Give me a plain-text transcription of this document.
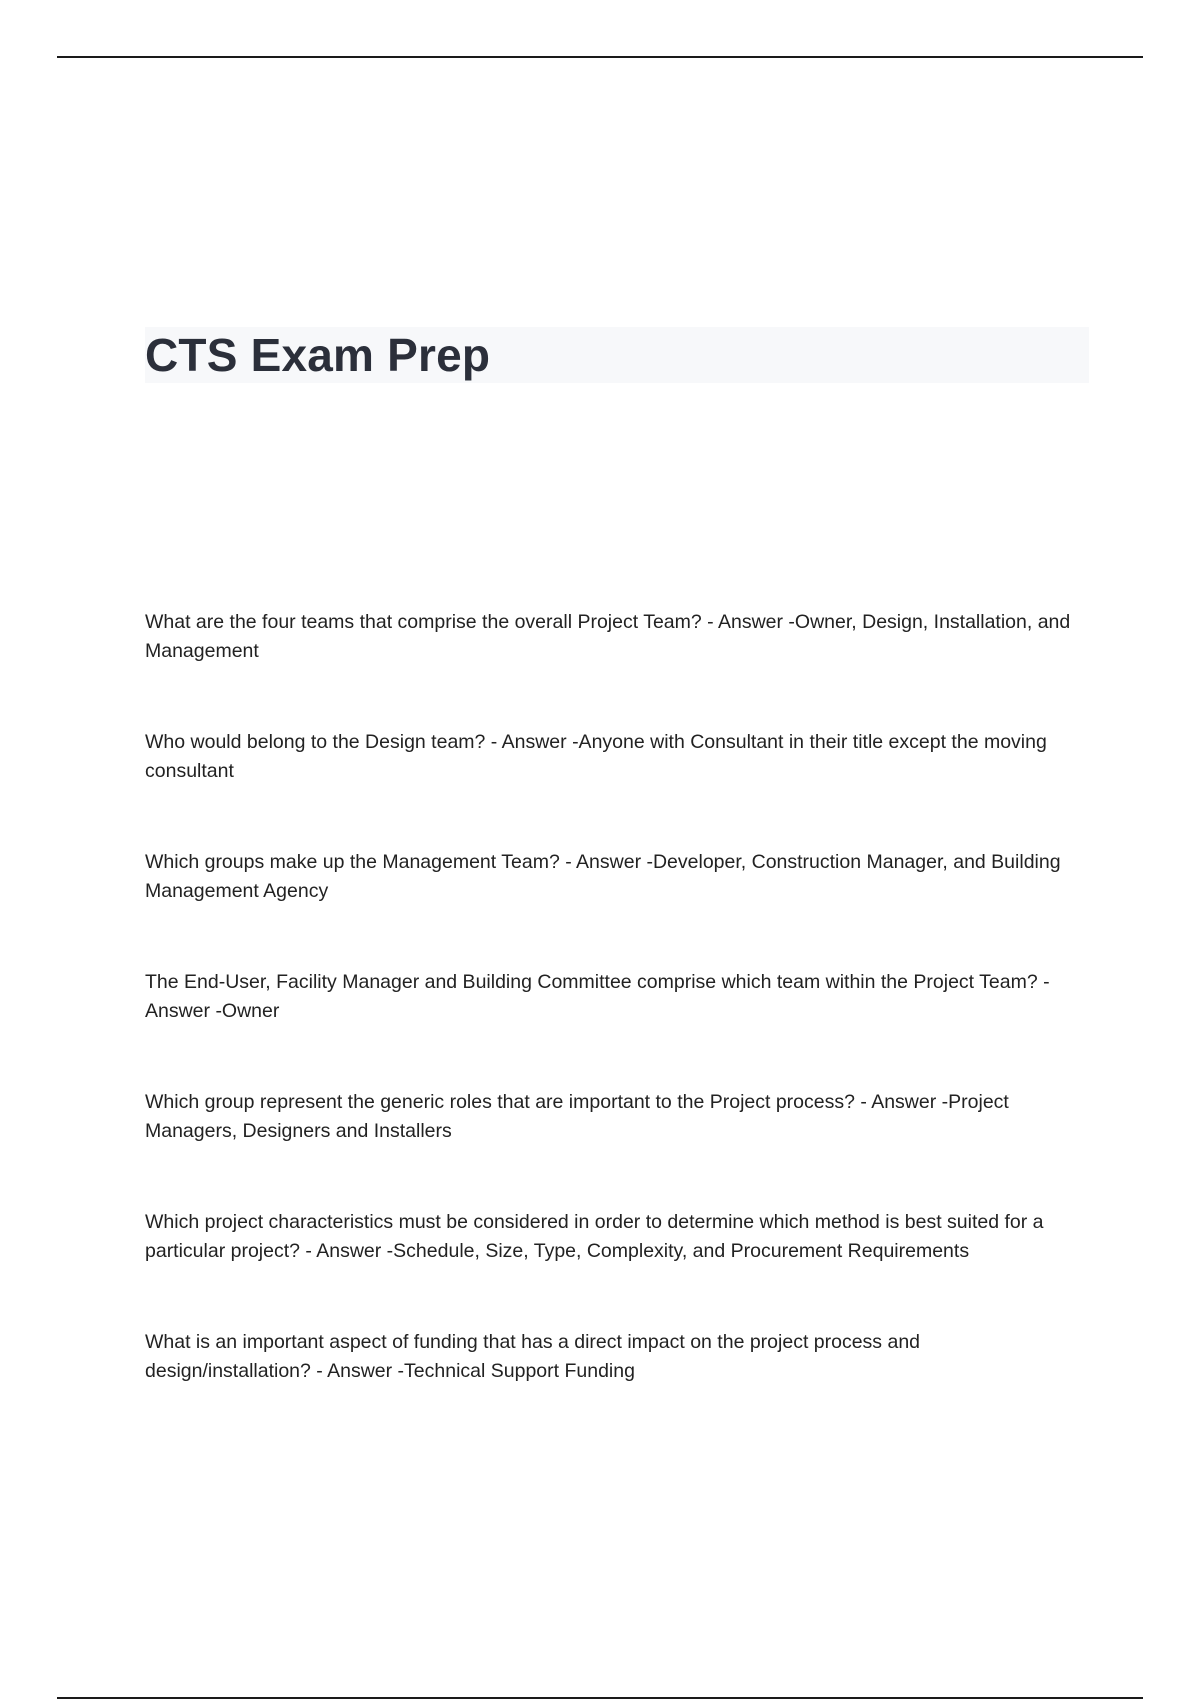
CTS Exam Prep
What are the four teams that comprise the overall Project Team? - Answer -Owner, Design, Installation, and Management
Who would belong to the Design team? - Answer -Anyone with Consultant in their title except the moving consultant
Which groups make up the Management Team? - Answer -Developer, Construction Manager, and Building Management Agency
The End-User, Facility Manager and Building Committee comprise which team within the Project Team? - Answer -Owner
Which group represent the generic roles that are important to the Project process? - Answer -Project Managers, Designers and Installers
Which project characteristics must be considered in order to determine which method is best suited for a particular project? - Answer -Schedule, Size, Type, Complexity, and Procurement Requirements
What is an important aspect of funding that has a direct impact on the project process and design/installation? - Answer -Technical Support Funding
